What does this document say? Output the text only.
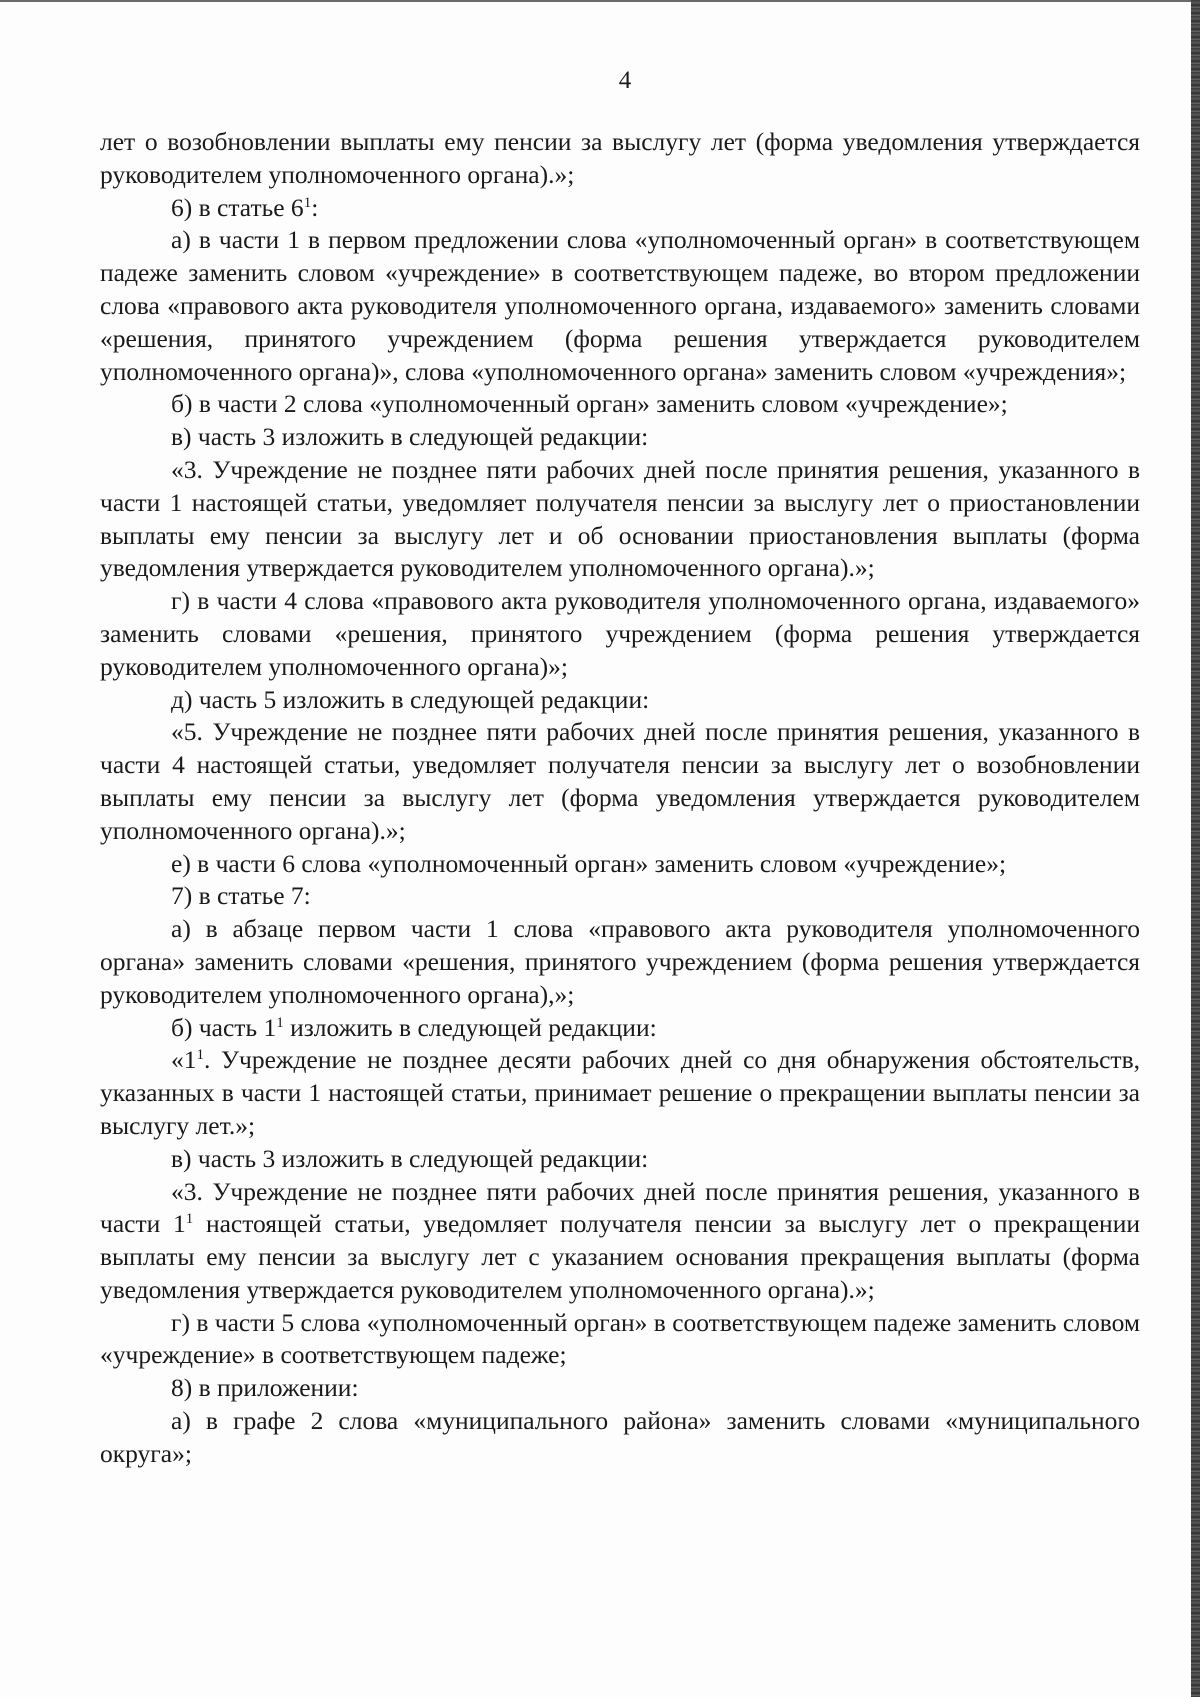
4

лет о возобновлении выплаты ему пенсии за выслугу лет (форма уведомления утверждается руководителем уполномоченного органа).»;

6) в статье $6^1$:

а) в части 1 в первом предложении слова «уполномоченный орган» в соответствующем падеже заменить словом «учреждение» в соответствующем падеже, во втором предложении слова «правового акта руководителя уполномоченного органа, издаваемого» заменить словами «решения, принятого учреждением (форма решения утверждается руководителем уполномоченного органа)», слова «уполномоченного органа» заменить словом «учреждения»;

б) в части 2 слова «уполномоченный орган» заменить словом «учреждение»;

в) часть 3 изложить в следующей редакции:

«3. Учреждение не позднее пяти рабочих дней после принятия решения, указанного в части 1 настоящей статьи, уведомляет получателя пенсии за выслугу лет о приостановлении выплаты ему пенсии за выслугу лет и об основании приостановления выплаты (форма уведомления утверждается руководителем уполномоченного органа).»;

г) в части 4 слова «правового акта руководителя уполномоченного органа, издаваемого» заменить словами «решения, принятого учреждением (форма решения утверждается руководителем уполномоченного органа)»;

д) часть 5 изложить в следующей редакции:

«5. Учреждение не позднее пяти рабочих дней после принятия решения, указанного в части 4 настоящей статьи, уведомляет получателя пенсии за выслугу лет о возобновлении выплаты ему пенсии за выслугу лет (форма уведомления утверждается руководителем уполномоченного органа).»;

е) в части 6 слова «уполномоченный орган» заменить словом «учреждение»;

7) в статье 7:

а) в абзаце первом части 1 слова «правового акта руководителя уполномоченного органа» заменить словами «решения, принятого учреждением (форма решения утверждается руководителем уполномоченного органа),»;

б) часть $1^1$ изложить в следующей редакции:

«$1^1$. Учреждение не позднее десяти рабочих дней со дня обнаружения обстоятельств, указанных в части 1 настоящей статьи, принимает решение о прекращении выплаты пенсии за выслугу лет.»;

в) часть 3 изложить в следующей редакции:

«3. Учреждение не позднее пяти рабочих дней после принятия решения, указанного в части $1^1$ настоящей статьи, уведомляет получателя пенсии за выслугу лет о прекращении выплаты ему пенсии за выслугу лет с указанием основания прекращения выплаты (форма уведомления утверждается руководителем уполномоченного органа).»;

г) в части 5 слова «уполномоченный орган» в соответствующем падеже заменить словом «учреждение» в соответствующем падеже;

8) в приложении:

а) в графе 2 слова «муниципального района» заменить словами «муниципального округа»;
